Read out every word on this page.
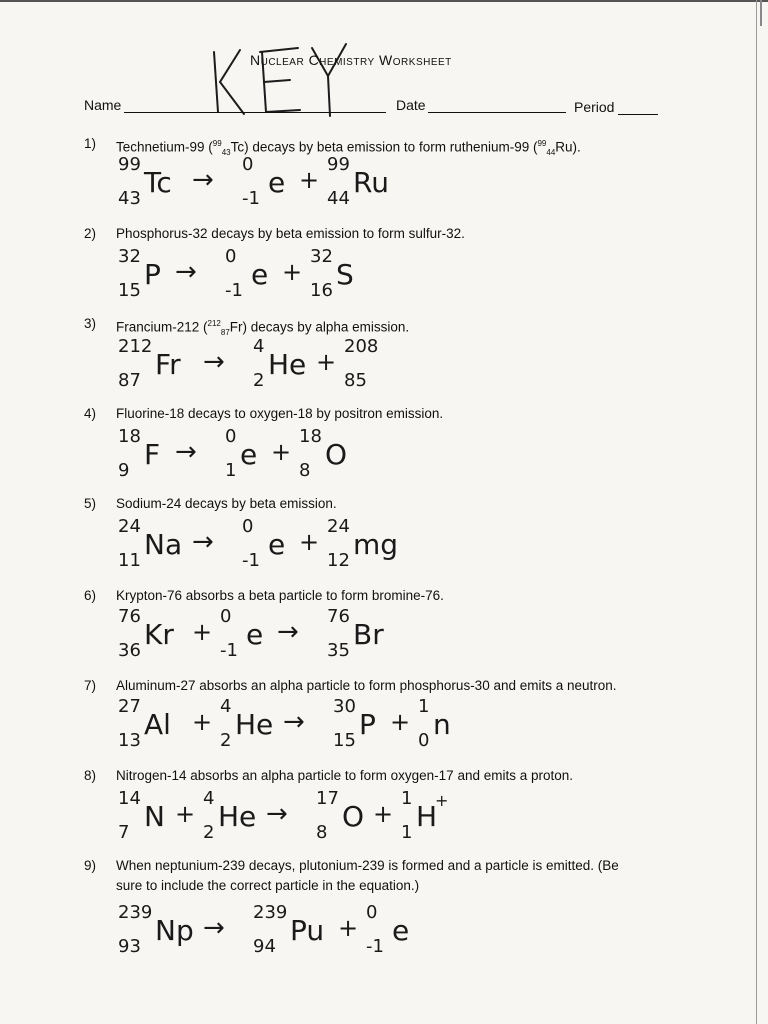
KEY
Nuclear Chemistry Worksheet
Name	Date	Period
1)	Technetium-99 ($^{99}_{43}$Tc) decays by beta emission to form ruthenium-99 ($^{99}_{44}$Ru).
2)	Phosphorus-32 decays by beta emission to form sulfur-32.
3)	Francium-212 ($^{212}_{87}$Fr) decays by alpha emission.
4)	Fluorine-18 decays to oxygen-18 by positron emission.
5)	Sodium-24 decays by beta emission.
6)	Krypton-76 absorbs a beta particle to form bromine-76.
7)	Aluminum-27 absorbs an alpha particle to form phosphorus-30 and emits a neutron.
8)	Nitrogen-14 absorbs an alpha particle to form oxygen-17 and emits a proton.
9)	When neptunium-239 decays, plutonium-239 is formed and a particle is emitted. (Be sure to include the correct particle in the equation.)
99
43 Tc →
0
-1 e +
99
44 Ru
32
15 P →
0
-1 e +
32
16 S
212
87 Fr →
4
2 He +
208
85
18
9 F →
0
1 e +
18
8 O
24
11 Na →
0
-1 e +
24
12 mg
76
36 Kr +
0
-1 e →
76
35 Br
27
13 Al +
4
2 He →
30
15 P +
1
0 n
14
7 N +
4
2 He →
17
8 O +
1
1 H
+
239
93 Np →
239
94 Pu +
0
-1 e
